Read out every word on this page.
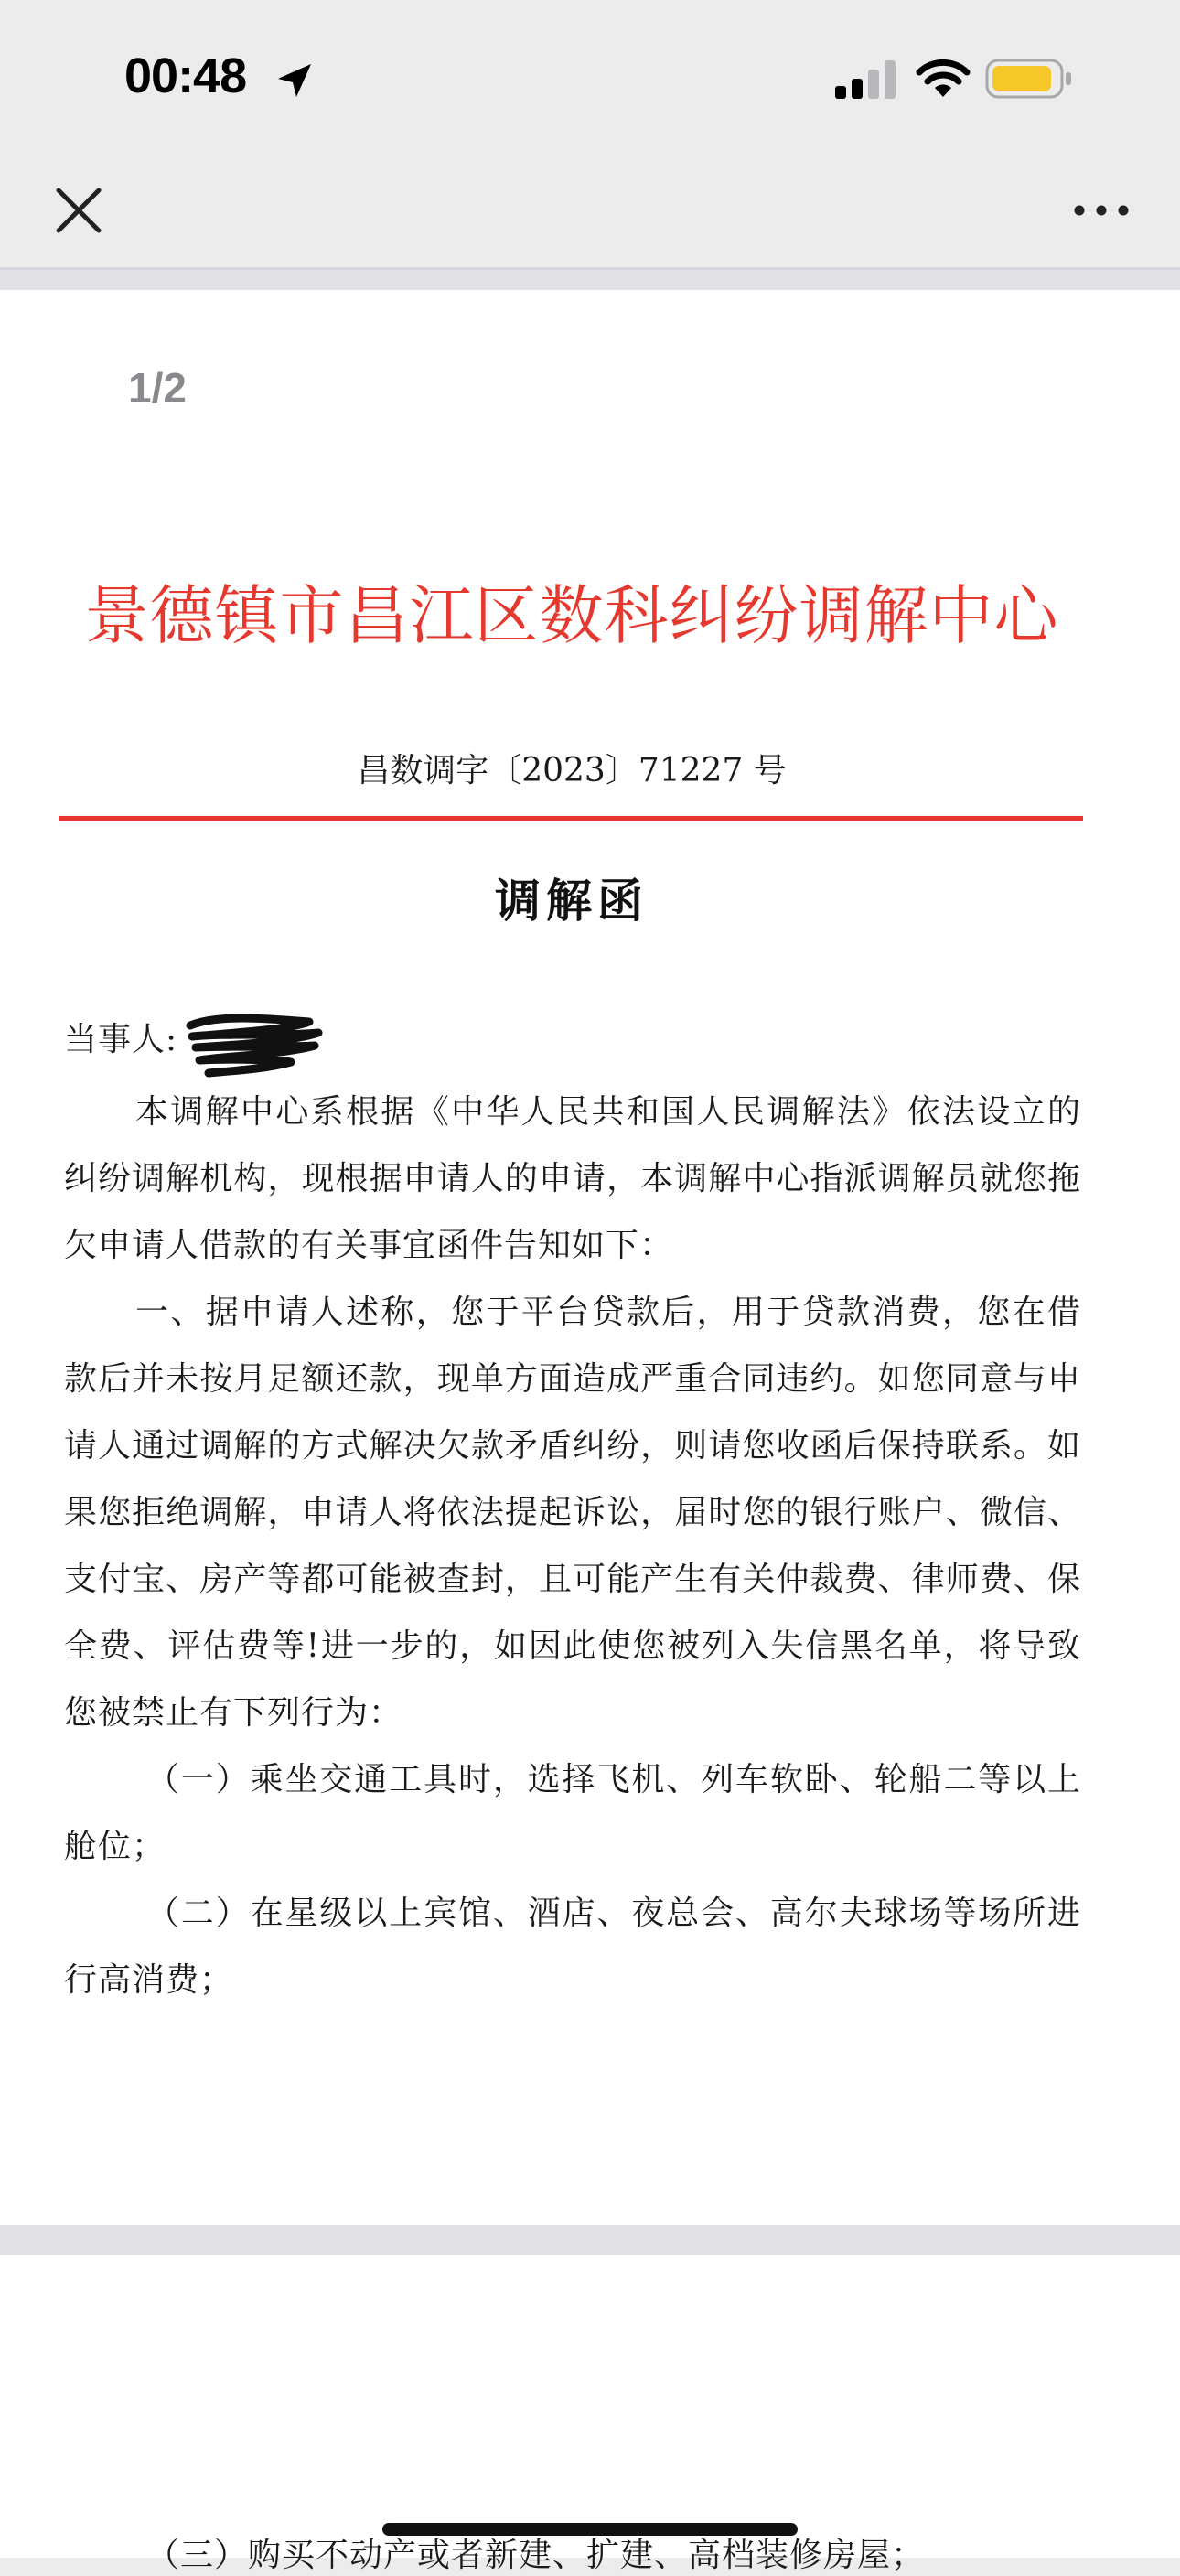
00:48
1/2
景德镇市昌江区数科纠纷调解中心
昌数调字〔2023〕71227 号
调解函

当事人:

本调解中心系根据《中华人民共和国人民调解法》依法设立的纠纷调解机构，现根据申请人的申请，本调解中心指派调解员就您拖欠申请人借款的有关事宜函件告知如下：

一、据申请人述称，您于平台贷款后，用于贷款消费，您在借款后并未按月足额还款，现单方面造成严重合同违约。如您同意与申请人通过调解的方式解决欠款矛盾纠纷，则请您收函后保持联系。如果您拒绝调解，申请人将依法提起诉讼，届时您的银行账户、微信、支付宝、房产等都可能被查封，且可能产生有关仲裁费、律师费、保全费、评估费等!进一步的，如因此使您被列入失信黑名单，将导致您被禁止有下列行为：

（一）乘坐交通工具时，选择飞机、列车软卧、轮船二等以上舱位；

（二）在星级以上宾馆、酒店、夜总会、高尔夫球场等场所进行高消费；

（三）购买不动产或者新建、扩建、高档装修房屋；
